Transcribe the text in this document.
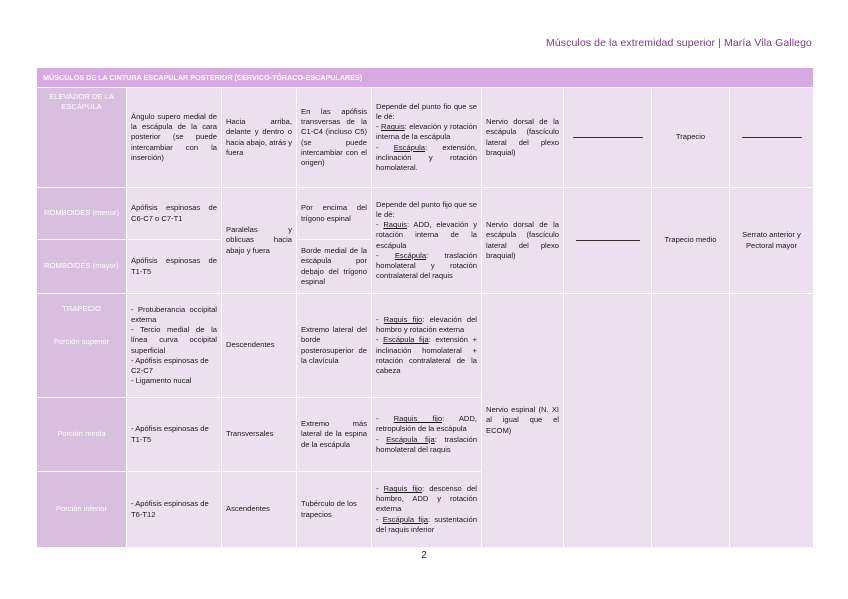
Músculos de la extremidad superior | María Vila Gallego
MÚSCULOS DE LA CINTURA ESCAPULAR POSTERIOR (CÉRVICO-TÓRACO-ESCAPULARES)								
ELEVADOR DE LA ESCÁPULA	Ángulo supero medial de la escápula de la cara posterior (se puede intercambiar con la inserción)	Hacia arriba, delante y dentro o hacia abajo, atrás y fuera	En las apófisis transversas de la C1-C4 (incluso C5) (se puede intercambiar con el origen)	Depende del punto fio que se le dé:
- Raquis: elevación y rotación interna de la escápula
- Escápula: extensión, inclinación y rotación homolateral.	Nervio dorsal de la escápula (fascículo lateral del plexo braquial)		Trapecio	
ROMBOIDES (menor)	Apófisis espinosas de C6-C7 o C7-T1	Paralelas y oblicuas hacia abajo y fuera	Por encima del trígono espinal	Depende del punto fijo que se le dé:
- Raquis: ADD, elevación y rotación interna de la escápula
- Escápula: traslación homolateral y rotación contralateral del raquis	Nervio dorsal de la escápula (fascículo lateral del plexo braquial)		Trapecio medio	Serrato anterior y Pectoral mayor
ROMBOIDES (mayor)	Apófisis espinosas de T1-T5		Borde medial de la escápula por debajo del trígono espinal					

TRAPECIO
Porción superior	- Protuberancia occipital externa
- Tercio medial de la línea curva occipital superficial
- Apófisis espinosas de C2-C7
- Ligamento nucal	Descendentes	Extremo lateral del borde posterosuperior de la clavícula	- Raquis fijo: elevación del hombro y rotación externa
- Escápula fija: extensión + inclinación homolateral + rotación contralateral de la cabeza	Nervio espinal (N. XI al igual que el ECOM)			
Porción media	- Apófisis espinosas de T1-T5	Transversales	Extremo más lateral de la espina de la escápula	- Raquis fijo: ADD, retropulsión de la escápula
- Escápula fija: traslación homolateral del raquis				

Porción inferior	- Apófisis espinosas de T6-T12	Ascendentes	Tubérculo de los trapecios	- Raquis fijo: descenso del hombro, ADD y rotación externa
- Escápula fija: sustentación del raquis inferior				
2
